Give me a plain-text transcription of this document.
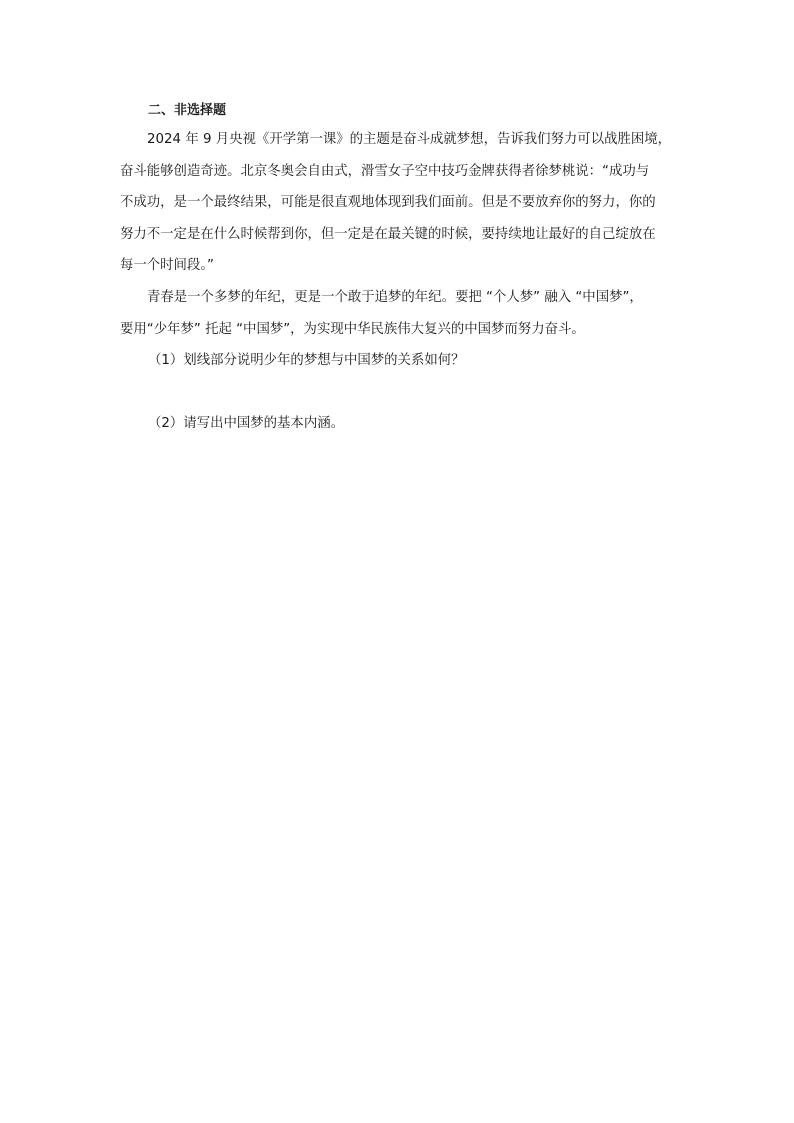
二、非选择题
2024 年 9 月央视《开学第一课》的主题是奋斗成就梦想，告诉我们努力可以战胜困境，
奋斗能够创造奇迹。北京冬奥会自由式，滑雪女子空中技巧金牌获得者徐梦桃说：“成功与
不成功，是一个最终结果，可能是很直观地体现到我们面前。但是不要放弃你的努力，你的
努力不一定是在什么时候帮到你，但一定是在最关键的时候，要持续地让最好的自己绽放在
每一个时间段。”
青春是一个多梦的年纪，更是一个敢于追梦的年纪。要把 “个人梦” 融入 “中国梦”，
要用“少年梦” 托起 “中国梦”，为实现中华民族伟大复兴的中国梦而努力奋斗。
（1）划线部分说明少年的梦想与中国梦的关系如何？
（2）请写出中国梦的基本内涵。
